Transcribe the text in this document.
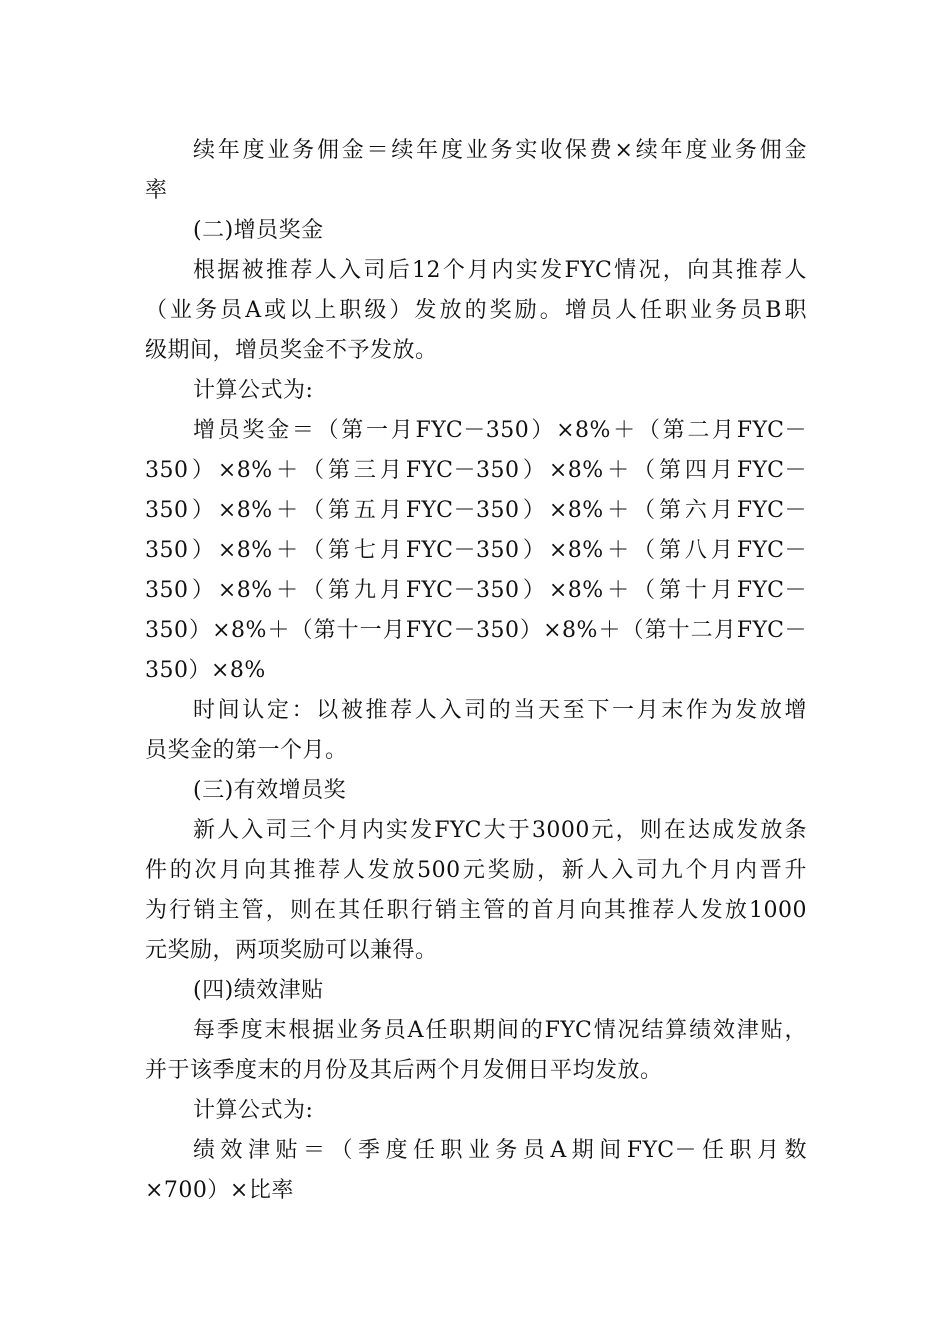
续年度业务佣金＝续年度业务实收保费×续年度业务佣金
率
(二)增员奖金
根据被推荐人入司后12个月内实发FYC情况，向其推荐人
（业务员A或以上职级）发放的奖励。增员人任职业务员B职
级期间，增员奖金不予发放。
计算公式为:
增员奖金＝（第一月FYC－350）×8%＋（第二月FYC－
350）×8%＋（第三月FYC－350）×8%＋（第四月FYC－
350）×8%＋（第五月FYC－350）×8%＋（第六月FYC－
350）×8%＋（第七月FYC－350）×8%＋（第八月FYC－
350）×8%＋（第九月FYC－350）×8%＋（第十月FYC－
350）×8%＋（第十一月FYC－350）×8%＋（第十二月FYC－
350）×8%
时间认定：以被推荐人入司的当天至下一月末作为发放增
员奖金的第一个月。
(三)有效增员奖
新人入司三个月内实发FYC大于3000元，则在达成发放条
件的次月向其推荐人发放500元奖励，新人入司九个月内晋升
为行销主管，则在其任职行销主管的首月向其推荐人发放1000
元奖励，两项奖励可以兼得。
(四)绩效津贴
每季度末根据业务员A任职期间的FYC情况结算绩效津贴，
并于该季度末的月份及其后两个月发佣日平均发放。
计算公式为:
绩效津贴＝（季度任职业务员A期间FYC－任职月数
×700）×比率
